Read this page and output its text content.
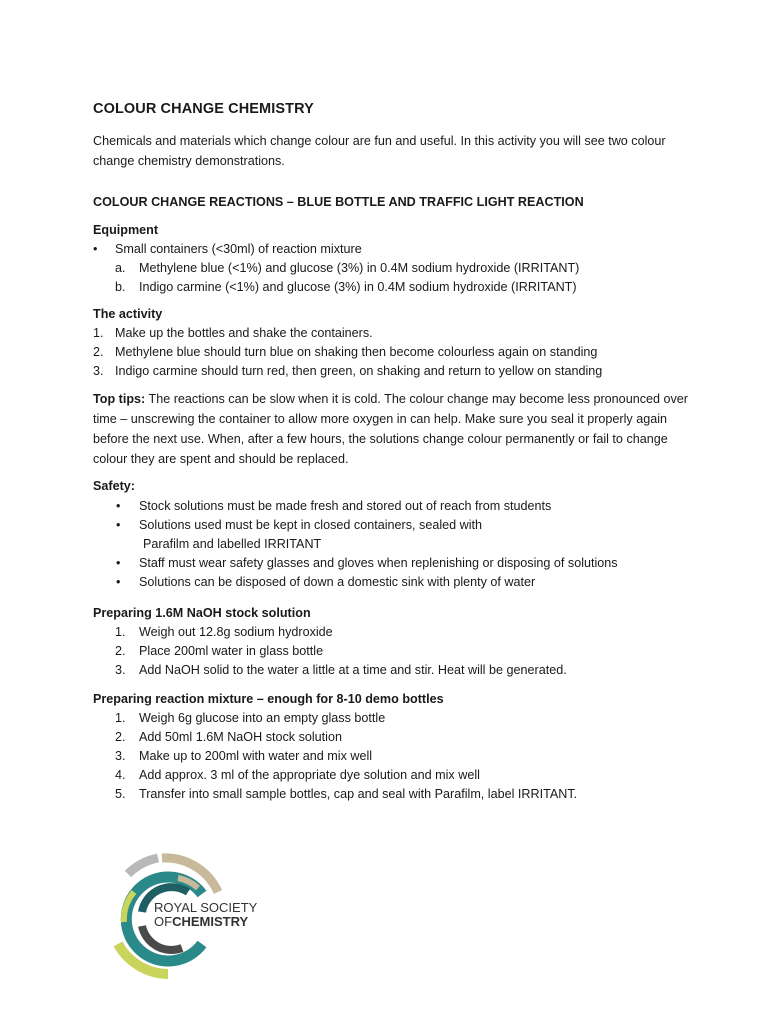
COLOUR CHANGE CHEMISTRY
Chemicals and materials which change colour are fun and useful. In this activity you will see two colour change chemistry demonstrations.
COLOUR CHANGE REACTIONS – BLUE BOTTLE AND TRAFFIC LIGHT REACTION
Equipment
• Small containers (<30ml) of reaction mixture
a. Methylene blue (<1%) and glucose (3%) in 0.4M sodium hydroxide (IRRITANT)
b. Indigo carmine (<1%) and glucose (3%) in 0.4M sodium hydroxide (IRRITANT)
The activity
1. Make up the bottles and shake the containers.
2. Methylene blue should turn blue on shaking then become colourless again on standing
3. Indigo carmine should turn red, then green, on shaking and return to yellow on standing
Top tips: The reactions can be slow when it is cold. The colour change may become less pronounced over time – unscrewing the container to allow more oxygen in can help. Make sure you seal it properly again before the next use. When, after a few hours, the solutions change colour permanently or fail to change colour they are spent and should be replaced.
Safety:
• Stock solutions must be made fresh and stored out of reach from students
• Solutions used must be kept in closed containers, sealed with
Parafilm and labelled IRRITANT
• Staff must wear safety glasses and gloves when replenishing or disposing of solutions
• Solutions can be disposed of down a domestic sink with plenty of water
Preparing 1.6M NaOH stock solution
1. Weigh out 12.8g sodium hydroxide
2. Place 200ml water in glass bottle
3. Add NaOH solid to the water a little at a time and stir. Heat will be generated.
Preparing reaction mixture – enough for 8-10 demo bottles
1. Weigh 6g glucose into an empty glass bottle
2. Add 50ml 1.6M NaOH stock solution
3. Make up to 200ml with water and mix well
4. Add approx. 3 ml of the appropriate dye solution and mix well
5. Transfer into small sample bottles, cap and seal with Parafilm, label IRRITANT.
ROYAL SOCIETY
OFCHEMISTRY
